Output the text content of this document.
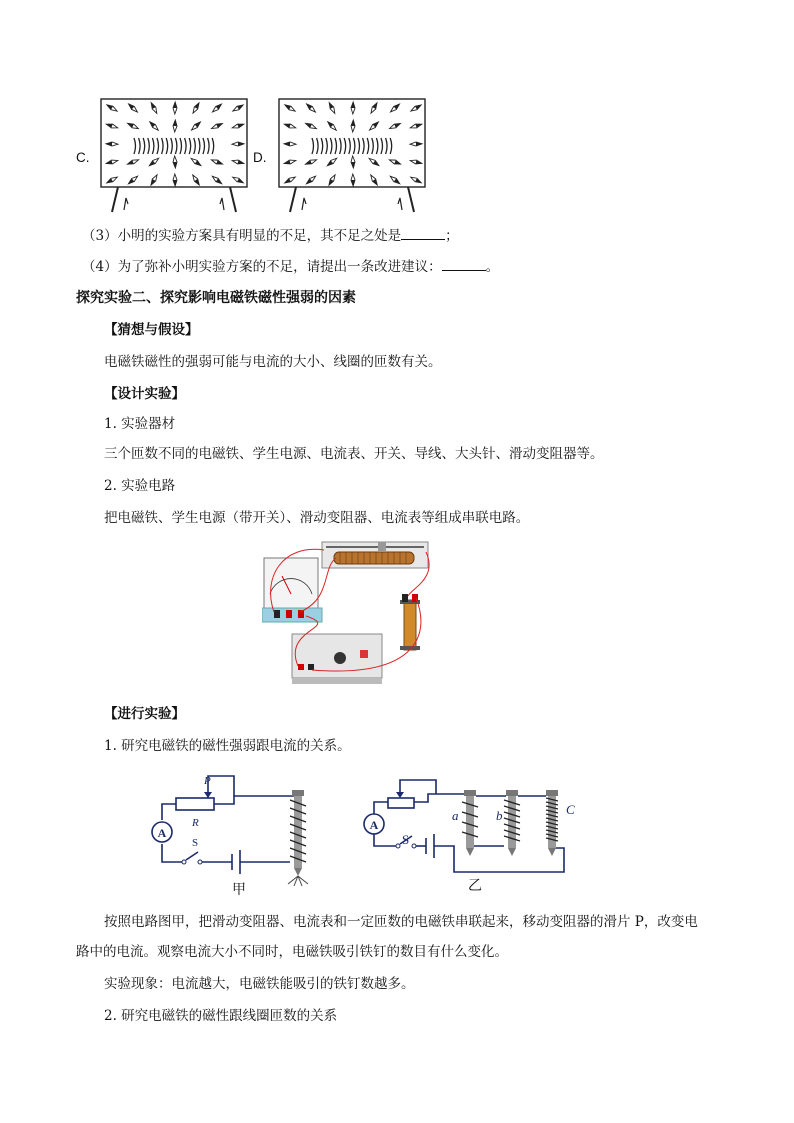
C.	D.
（3）小明的实验方案具有明显的不足，其不足之处是	；
（4）为了弥补小明实验方案的不足，请提出一条改进建议：	。
探究实验二、探究影响电磁铁磁性强弱的因素
【猜想与假设】
电磁铁磁性的强弱可能与电流的大小、线圈的匝数有关。
【设计实验】
1. 实验器材
三个匝数不同的电磁铁、学生电源、电流表、开关、导线、大头针、滑动变阻器等。
2. 实验电路
把电磁铁、学生电源（带开关）、滑动变阻器、电流表等组成串联电路。
【进行实验】
1. 研究电磁铁的磁性强弱跟电流的关系。
A
P
R
S
甲
A
S
a	b	C
乙
按照电路图甲，把滑动变阻器、电流表和一定匝数的电磁铁串联起来，移动变阻器的滑片 P，改变电
路中的电流。观察电流大小不同时，电磁铁吸引铁钉的数目有什么变化。
实验现象：电流越大，电磁铁能吸引的铁钉数越多。
2. 研究电磁铁的磁性跟线圈匝数的关系
